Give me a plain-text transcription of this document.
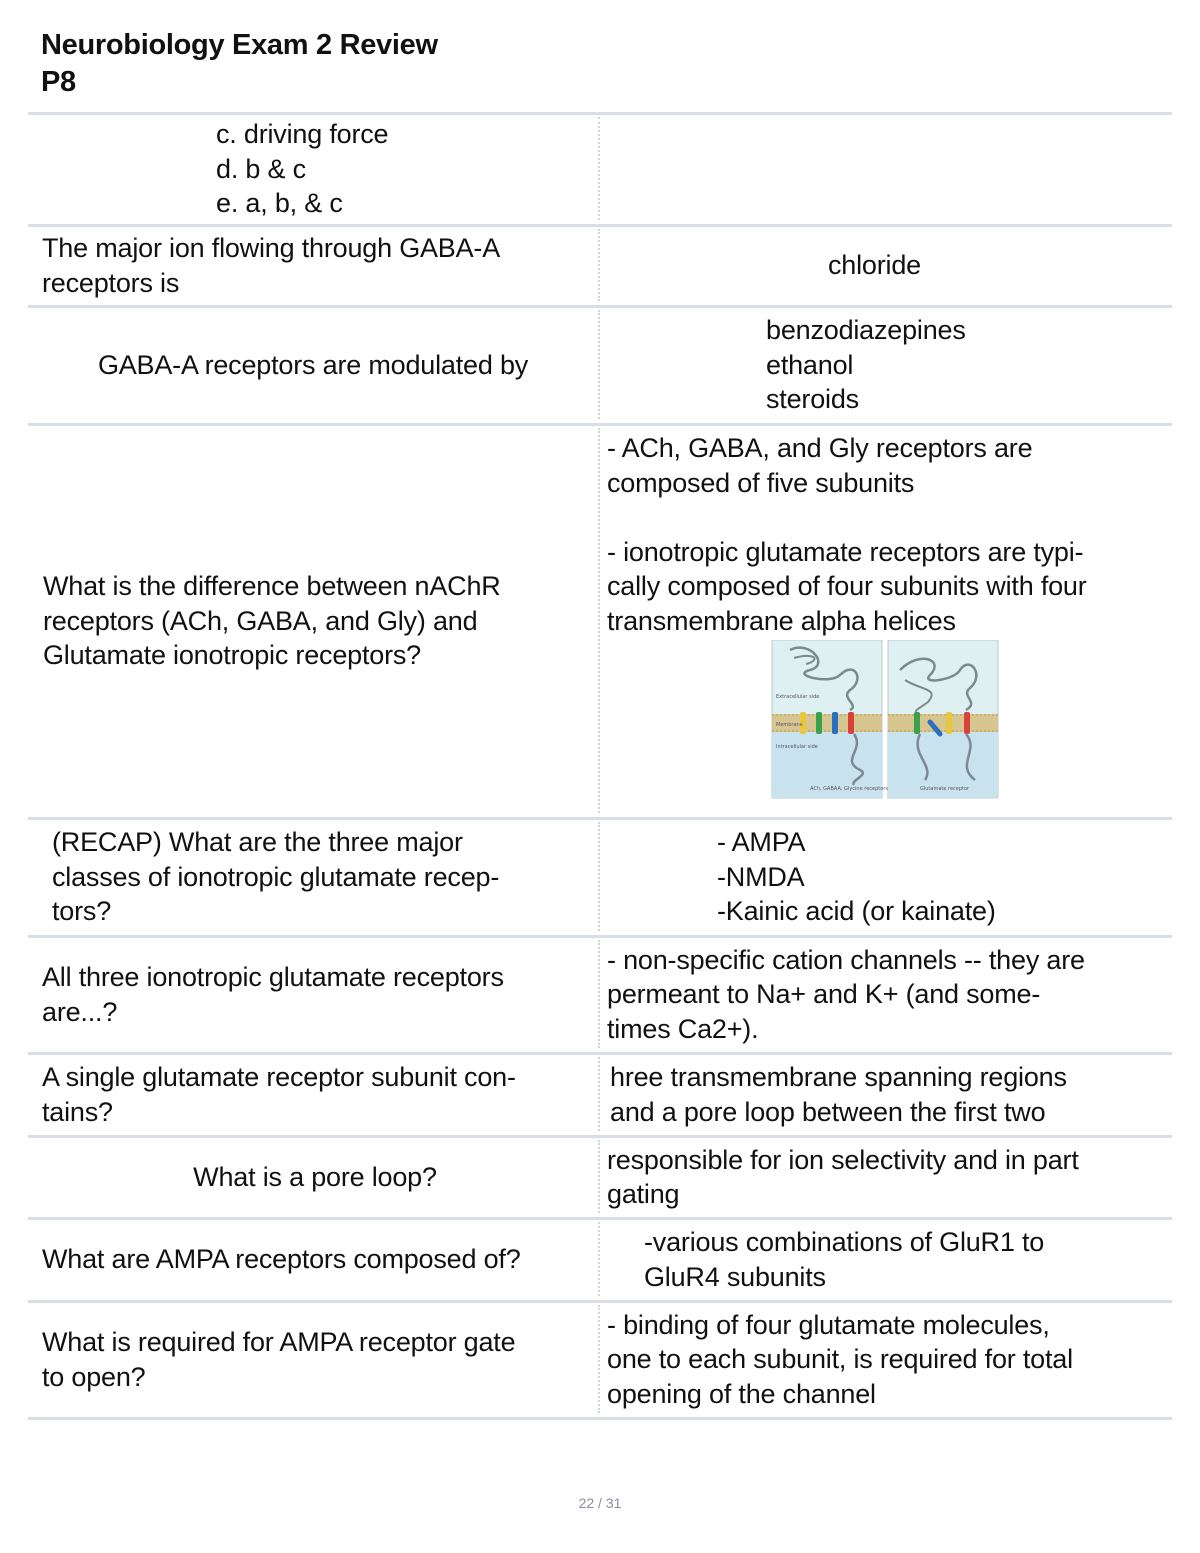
Neurobiology Exam 2 Review
P8
c. driving force
d. b & c
e. a, b, & c
The major ion flowing through GABA-A
receptors is
chloride
GABA-A receptors are modulated by
benzodiazepines
ethanol
steroids
What is the difference between nAChR
receptors (ACh, GABA, and Gly) and
Glutamate ionotropic receptors?
- ACh, GABA, and Gly receptors are
composed of five subunits
- ionotropic glutamate receptors are typi-
cally composed of four subunits with four
transmembrane alpha helices
Extracellular side
Membrane
Intracellular side
ACh, GABAA, Glycine receptors	Glutamate receptor
(RECAP) What are the three major
classes of ionotropic glutamate recep-
tors?
- AMPA
-NMDA
-Kainic acid (or kainate)
All three ionotropic glutamate receptors
are...?
- non-specific cation channels -- they are
permeant to Na+ and K+ (and some-
times Ca2+).
A single glutamate receptor subunit con-
tains?
hree transmembrane spanning regions
and a pore loop between the first two
What is a pore loop?
responsible for ion selectivity and in part
gating
What are AMPA receptors composed of?
-various combinations of GluR1 to
GluR4 subunits
What is required for AMPA receptor gate
to open?
- binding of four glutamate molecules,
one to each subunit, is required for total
opening of the channel
22 / 31
